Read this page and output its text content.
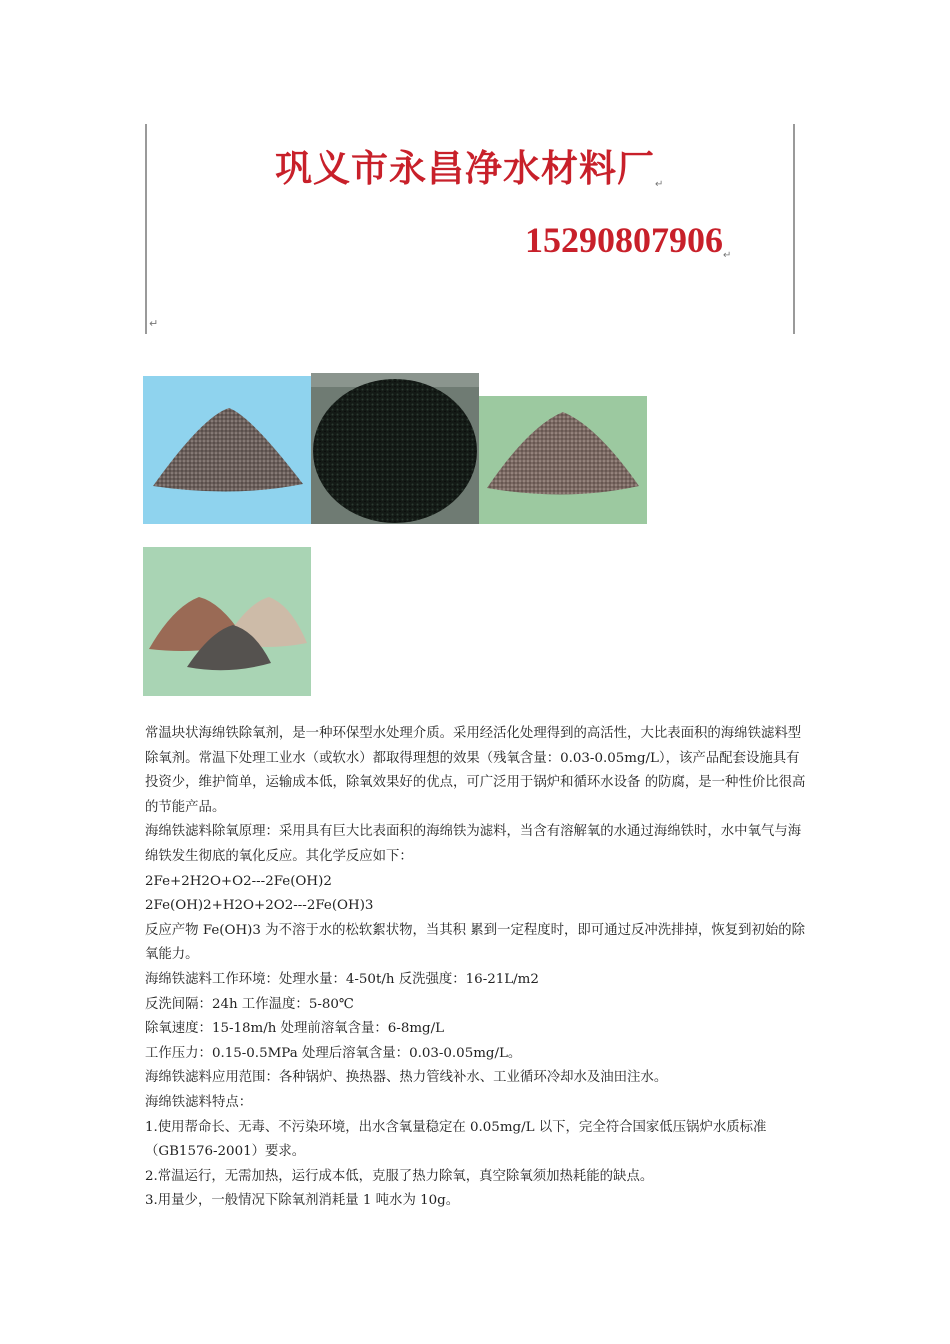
巩义市永昌净水材料厂↵
15290807906↵
↵

常温块状海绵铁除氧剂，是一种环保型水处理介质。采用经活化处理得到的高活性，大比表面积的海绵铁滤料型除氧剂。常温下处理工业水（或软水）都取得理想的效果（残氧含量：0.03-0.05mg/L），该产品配套设施具有投资少，维护简单，运输成本低，除氧效果好的优点，可广泛用于锅炉和循环水设备 的防腐，是一种性价比很高的节能产品。

海绵铁滤料除氧原理：采用具有巨大比表面积的海绵铁为滤料，当含有溶解氧的水通过海绵铁时，水中氧气与海绵铁发生彻底的氧化反应。其化学反应如下：

2Fe+2H2O+O2---2Fe(OH)2

2Fe(OH)2+H2O+2O2---2Fe(OH)3

反应产物 Fe(OH)3 为不溶于水的松软絮状物，当其积 累到一定程度时，即可通过反冲洗排掉，恢复到初始的除氧能力。

海绵铁滤料工作环境：处理水量：4-50t/h 反洗强度：16-21L/m2

反洗间隔：24h 工作温度：5-80℃

除氧速度：15-18m/h 处理前溶氧含量：6-8mg/L

工作压力：0.15-0.5MPa 处理后溶氧含量：0.03-0.05mg/L。

海绵铁滤料应用范围：各种锅炉、换热器、热力管线补水、工业循环冷却水及油田注水。

海绵铁滤料特点：

1.使用帮命长、无毒、不污染环境，出水含氧量稳定在 0.05mg/L 以下，完全符合国家低压锅炉水质标准（GB1576-2001）要求。

2.常温运行，无需加热，运行成本低，克服了热力除氧，真空除氧须加热耗能的缺点。

3.用量少，一般情况下除氧剂消耗量 1 吨水为 10g。
